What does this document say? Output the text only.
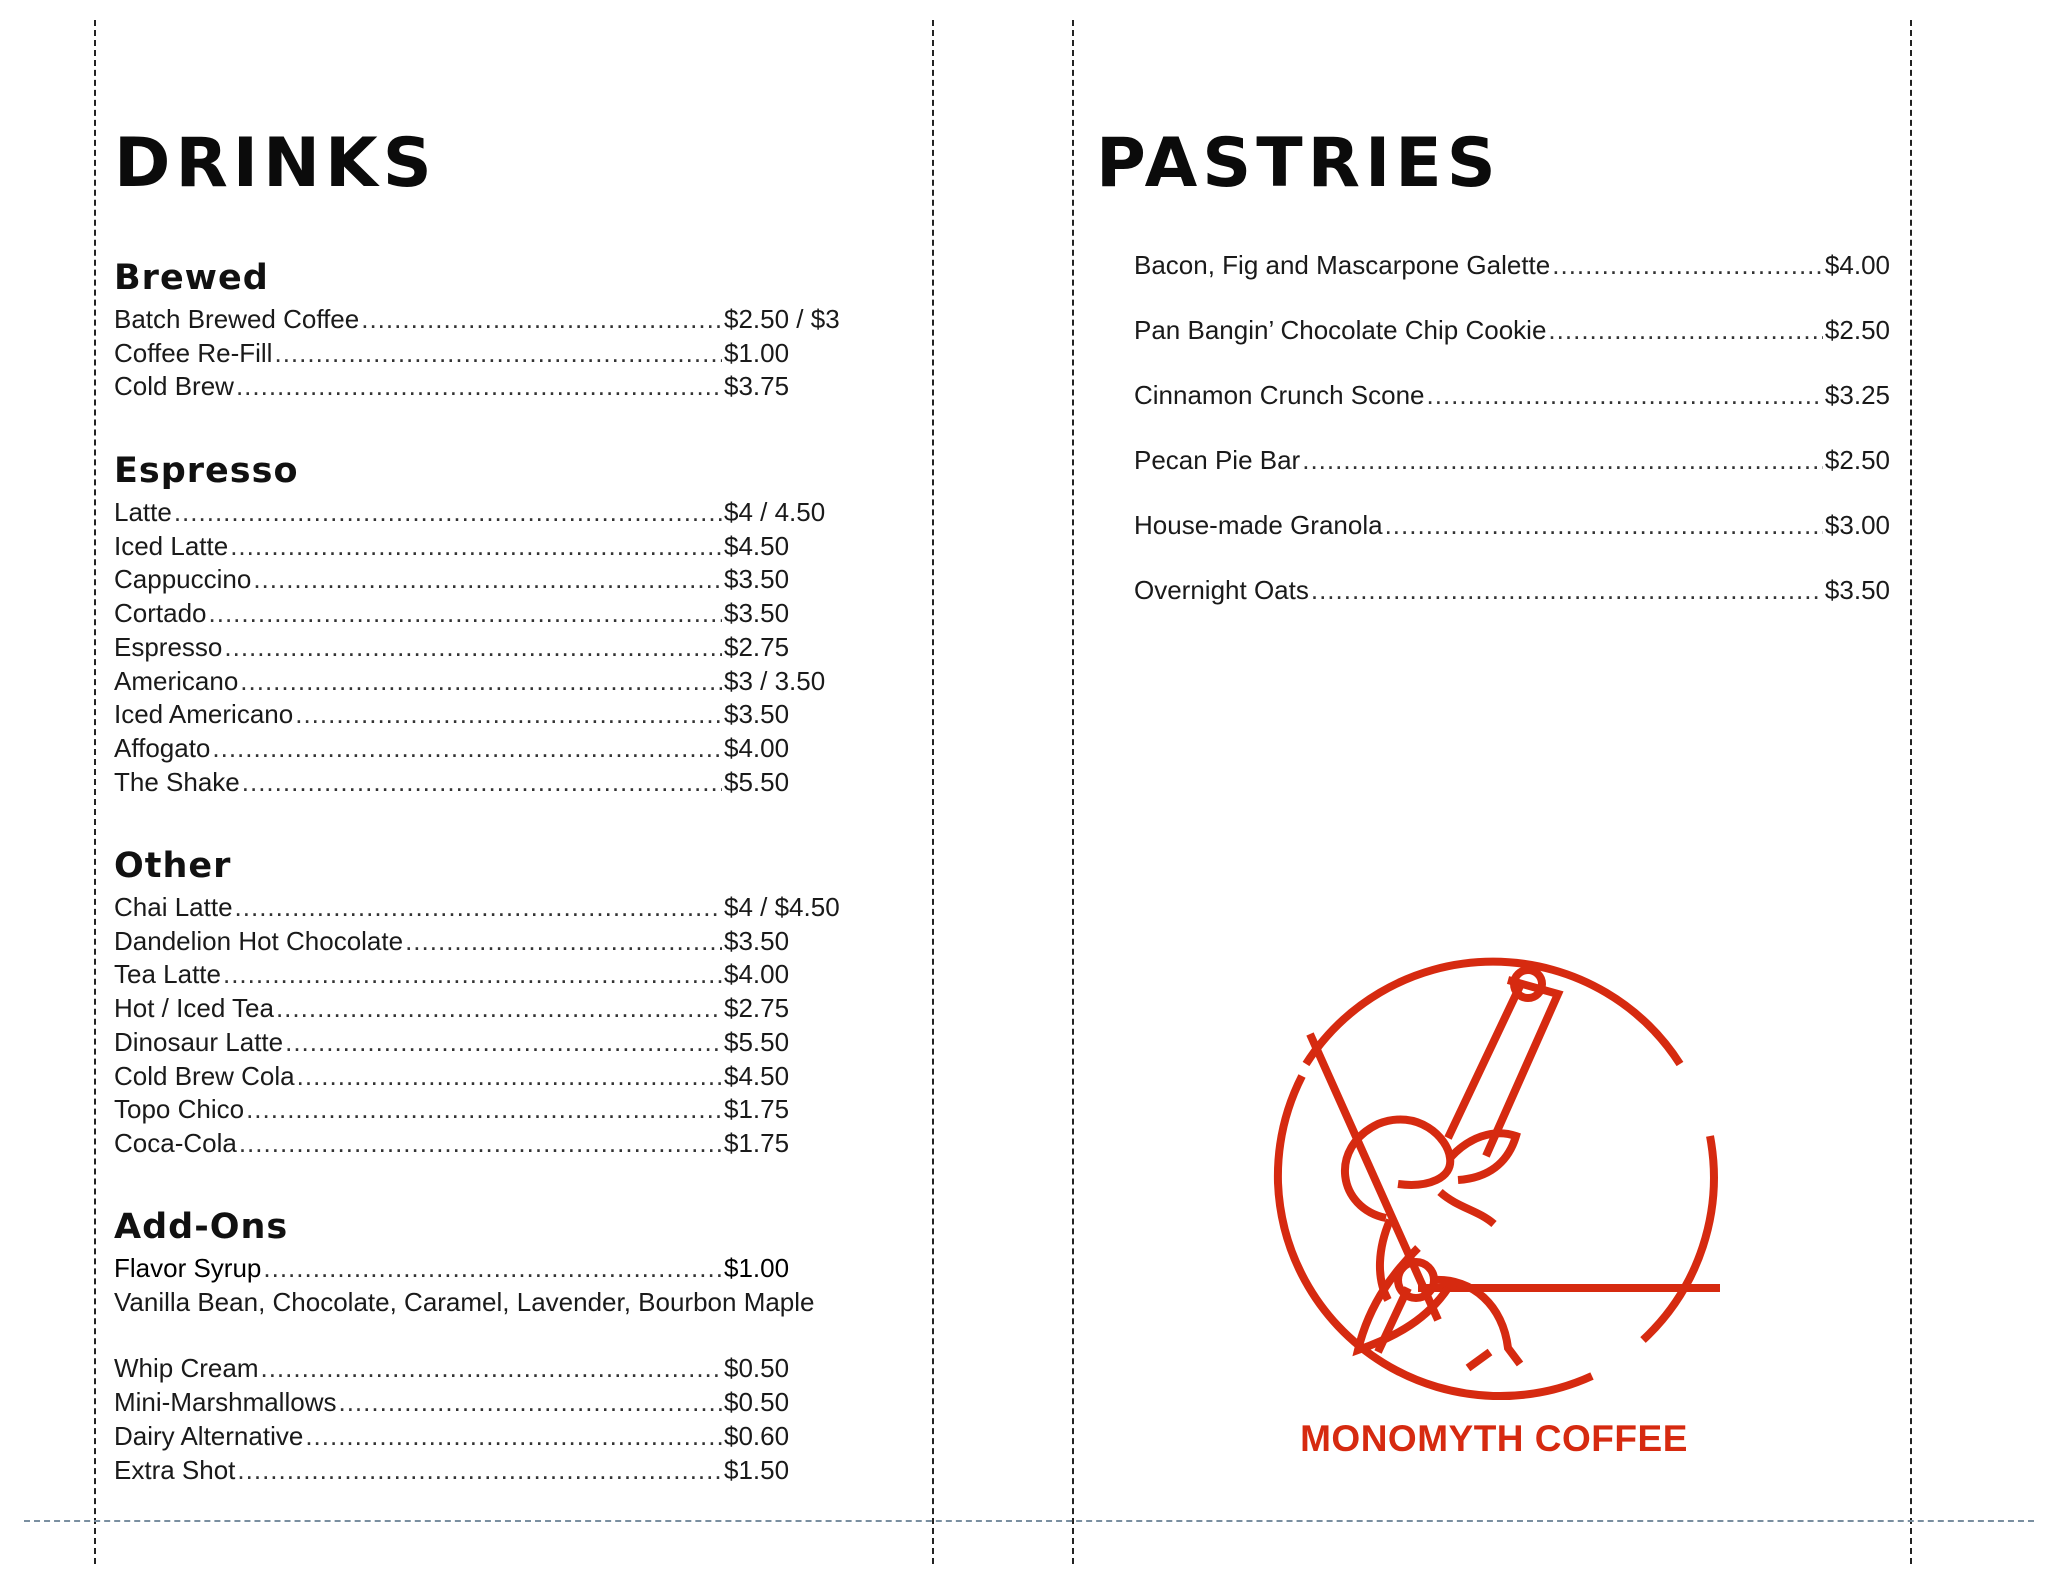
DRINKS
Brewed
Batch Brewed Coffee .....	$2.50 / $3
Coffee Re-Fill .....	$1.00
Cold Brew .....	$3.75
Espresso
Latte .....	$4 / 4.50
Iced Latte .....	$4.50
Cappuccino .....	$3.50
Cortado .....	$3.50
Espresso .....	$2.75
Americano .....	$3 / 3.50
Iced Americano .....	$3.50
Affogato .....	$4.00
The Shake .....	$5.50
Other
Chai Latte .....	$4 / $4.50
Dandelion Hot Chocolate .....	$3.50
Tea Latte .....	$4.00
Hot / Iced Tea .....	$2.75
Dinosaur Latte .....	$5.50
Cold Brew Cola .....	$4.50
Topo Chico .....	$1.75
Coca-Cola .....	$1.75
Add-Ons
Flavor Syrup .....	$1.00
Vanilla Bean, Chocolate, Caramel, Lavender, Bourbon Maple
Whip Cream .....	$0.50
Mini-Marshmallows .....	$0.50
Dairy Alternative .....	$0.60
Extra Shot .....	$1.50
PASTRIES
Bacon, Fig and Mascarpone Galette .....	$4.00
Pan Bangin’ Chocolate Chip Cookie .....	$2.50
Cinnamon Crunch Scone .....	$3.25
Pecan Pie Bar .....	$2.50
House-made Granola .....	$3.00
Overnight Oats .....	$3.50
MONOMYTH COFFEE
